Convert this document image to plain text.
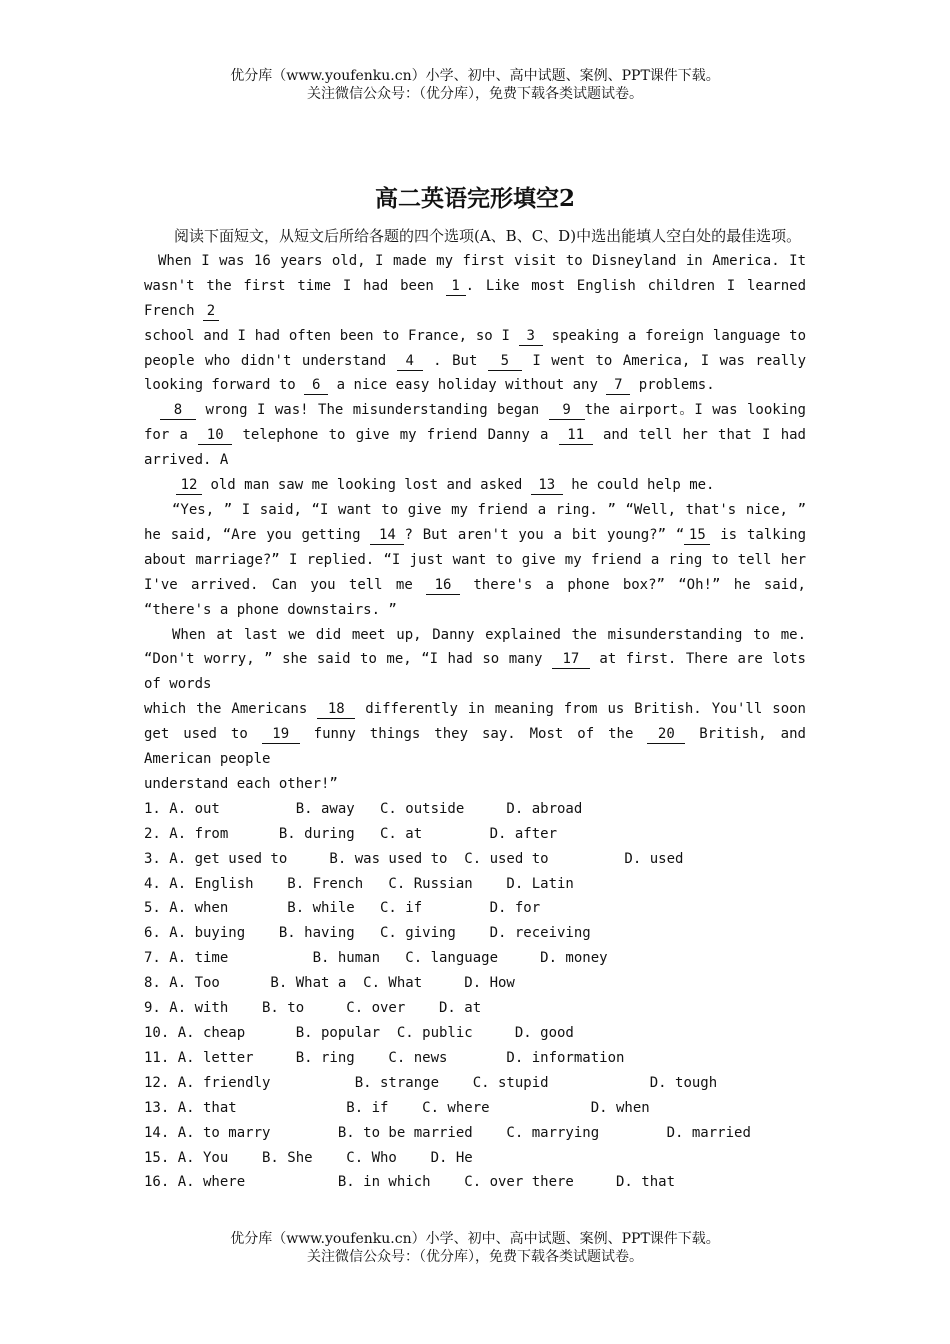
优分库（www.youfenku.cn）小学、初中、高中试题、案例、PPT课件下载。
关注微信公众号：（优分库），免费下载各类试题试卷。
高二英语完形填空2

阅读下面短文，从短文后所给各题的四个选项(A、B、C、D)中选出能填人空白处的最佳选项。

When I was 16 years old, I made my first visit to Disneyland in America. It wasn't the first time I had been 1 . Like most English children I learned French 2

school and I had often been to France, so I 3 speaking a foreign language to people who didn't understand 4 . But 5 I went to America, I was really looking forward to 6 a nice easy holiday without any 7 problems.

8 wrong I was! The misunderstanding began 9 the airport。I was looking for a 10 telephone to give my friend Danny a 11 and tell her that I had arrived. A

12 old man saw me looking lost and asked 13 he could help me.

“Yes, ” I said, “I want to give my friend a ring. ” “Well, that's nice, ” he said, “Are you getting 14 ? But aren't you a bit young?” “ 15 is talking about marriage?” I replied. “I just want to give my friend a ring to tell her I've arrived. Can you tell me 16 there's a phone box?” “Oh!” he said, “there's a phone downstairs. ”

When at last we did meet up, Danny explained the misunderstanding to me. “Don't worry, ” she said to me, “I had so many 17 at first. There are lots of words

which the Americans 18 differently in meaning from us British. You'll soon get used to 19 funny things they say. Most of the 20 British, and American people

understand each other!”

1. A. out         B. away   C. outside     D. abroad

2. A. from      B. during   C. at        D. after

3. A. get used to     B. was used to  C. used to         D. used

4. A. English    B. French   C. Russian    D. Latin

5. A. when       B. while   C. if        D. for

6. A. buying    B. having   C. giving    D. receiving

7. A. time          B. human   C. language     D. money

8. A. Too      B. What a  C. What     D. How

9. A. with    B. to     C. over    D. at

10. A. cheap      B. popular  C. public     D. good

11. A. letter     B. ring    C. news       D. information

12. A. friendly          B. strange    C. stupid            D. tough

13. A. that             B. if    C. where            D. when

14. A. to marry        B. to be married    C. marrying        D. married

15. A. You    B. She    C. Who    D. He

16. A. where           B. in which    C. over there     D. that

优分库（www.youfenku.cn）小学、初中、高中试题、案例、PPT课件下载。
关注微信公众号：（优分库），免费下载各类试题试卷。
